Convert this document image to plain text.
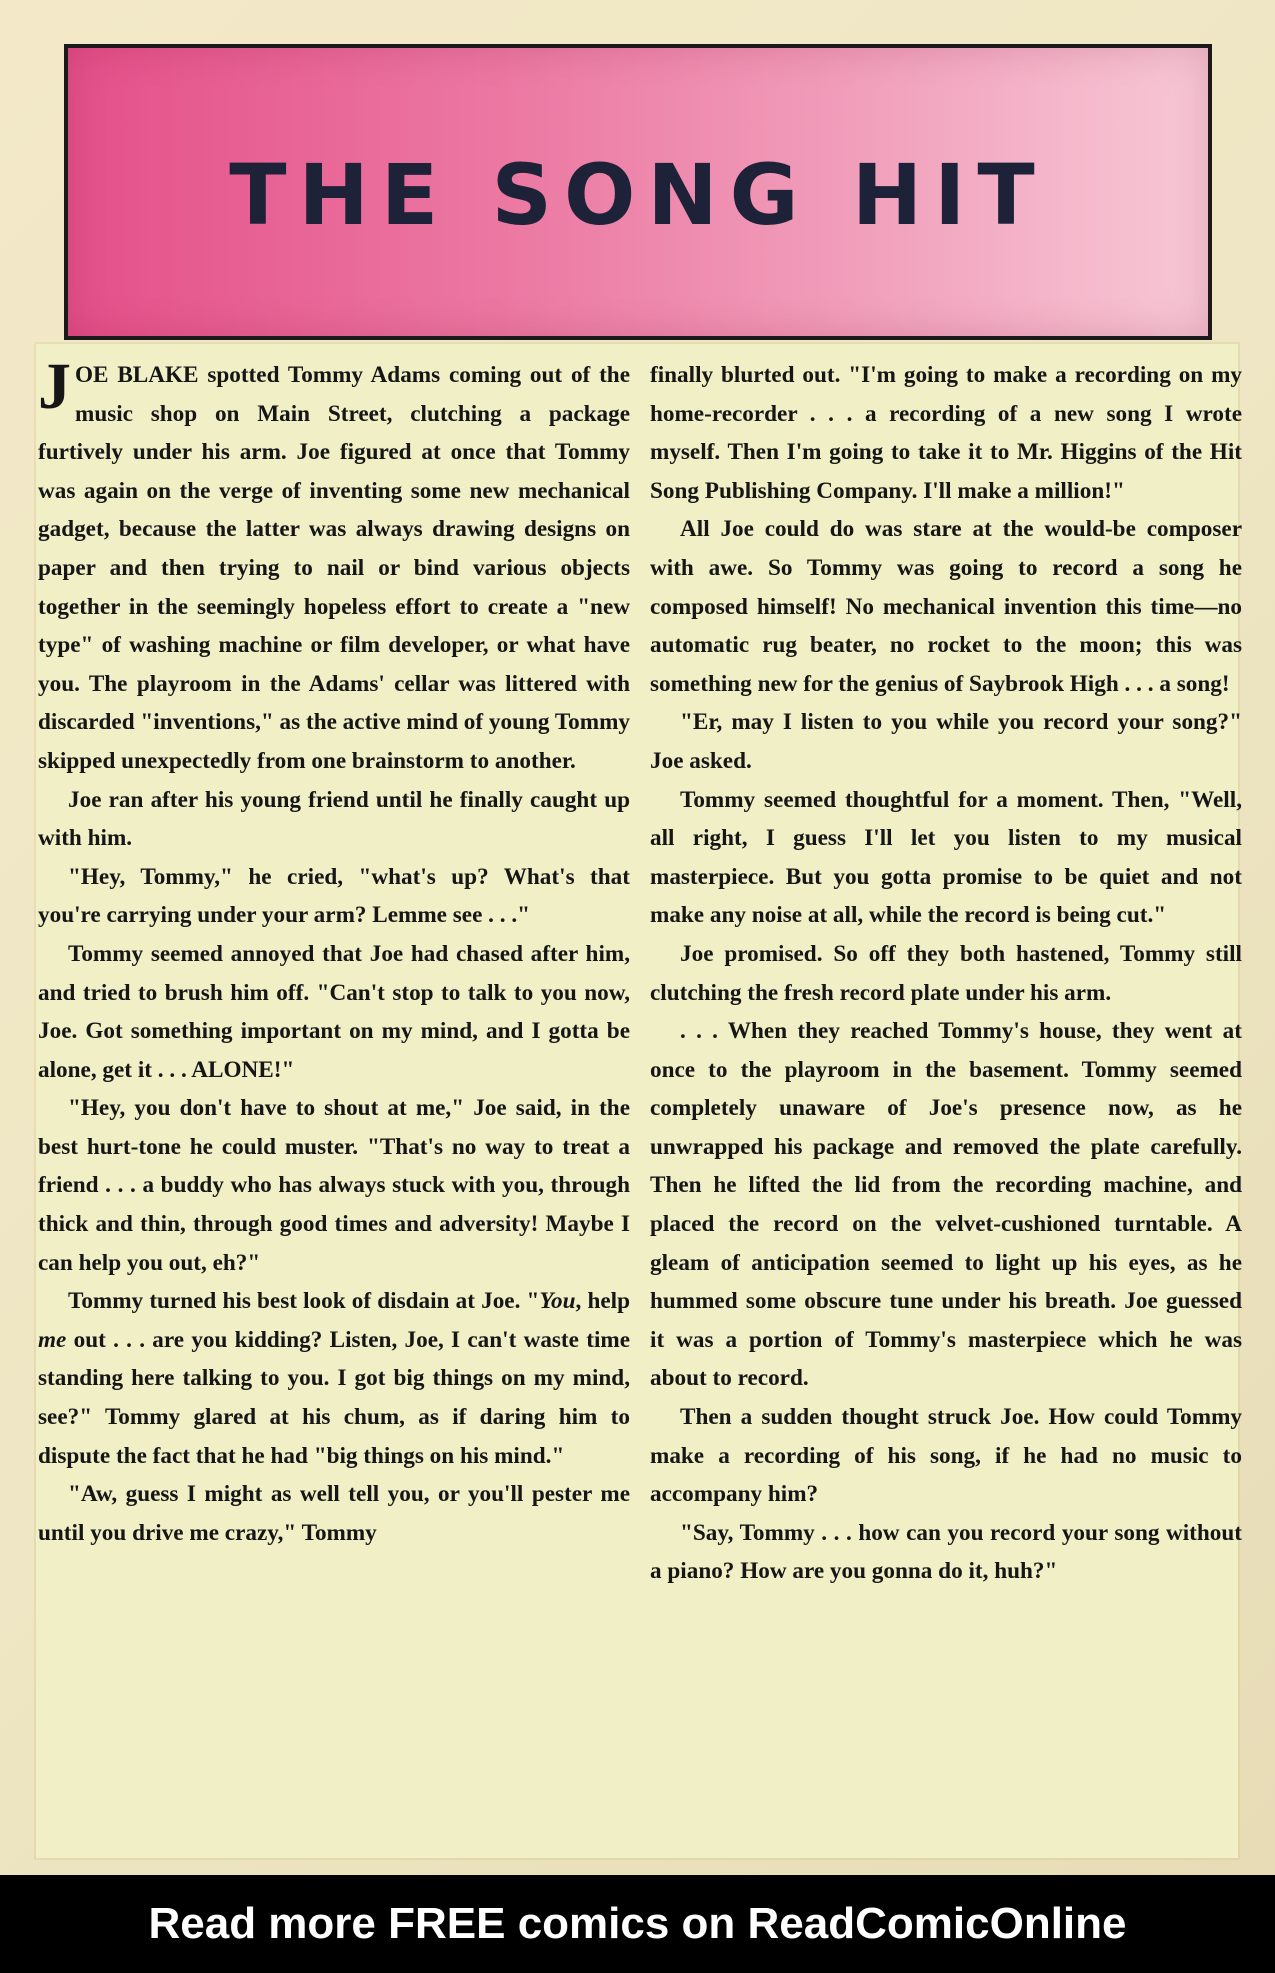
THE SONG HIT

JOE BLAKE spotted Tommy Adams coming out of the music shop on Main Street, clutching a package furtively under his arm. Joe figured at once that Tommy was again on the verge of inventing some new mechanical gadget, because the latter was always drawing designs on paper and then trying to nail or bind various objects together in the seemingly hopeless effort to create a "new type" of washing machine or film developer, or what have you. The playroom in the Adams' cellar was littered with discarded "inventions," as the active mind of young Tommy skipped unexpectedly from one brainstorm to another.

Joe ran after his young friend until he finally caught up with him.

"Hey, Tommy," he cried, "what's up? What's that you're carrying under your arm? Lemme see . . ."

Tommy seemed annoyed that Joe had chased after him, and tried to brush him off. "Can't stop to talk to you now, Joe. Got something important on my mind, and I gotta be alone, get it . . . ALONE!"

"Hey, you don't have to shout at me," Joe said, in the best hurt-tone he could muster. "That's no way to treat a friend . . . a buddy who has always stuck with you, through thick and thin, through good times and adversity! Maybe I can help you out, eh?"

Tommy turned his best look of disdain at Joe. "You, help me out . . . are you kidding? Listen, Joe, I can't waste time standing here talking to you. I got big things on my mind, see?" Tommy glared at his chum, as if daring him to dispute the fact that he had "big things on his mind."

"Aw, guess I might as well tell you, or you'll pester me until you drive me crazy," Tommy

finally blurted out. "I'm going to make a recording on my home-recorder . . . a recording of a new song I wrote myself. Then I'm going to take it to Mr. Higgins of the Hit Song Publishing Company. I'll make a million!"

All Joe could do was stare at the would-be composer with awe. So Tommy was going to record a song he composed himself! No mechanical invention this time—no automatic rug beater, no rocket to the moon; this was something new for the genius of Saybrook High . . . a song!

"Er, may I listen to you while you record your song?" Joe asked.

Tommy seemed thoughtful for a moment. Then, "Well, all right, I guess I'll let you listen to my musical masterpiece. But you gotta promise to be quiet and not make any noise at all, while the record is being cut."

Joe promised. So off they both hastened, Tommy still clutching the fresh record plate under his arm.

. . . When they reached Tommy's house, they went at once to the playroom in the basement. Tommy seemed completely unaware of Joe's presence now, as he unwrapped his package and removed the plate carefully. Then he lifted the lid from the recording machine, and placed the record on the velvet-cushioned turntable. A gleam of anticipation seemed to light up his eyes, as he hummed some obscure tune under his breath. Joe guessed it was a portion of Tommy's masterpiece which he was about to record.

Then a sudden thought struck Joe. How could Tommy make a recording of his song, if he had no music to accompany him?

"Say, Tommy . . . how can you record your song without a piano? How are you gonna do it, huh?"

Read more FREE comics on ReadComicOnline
